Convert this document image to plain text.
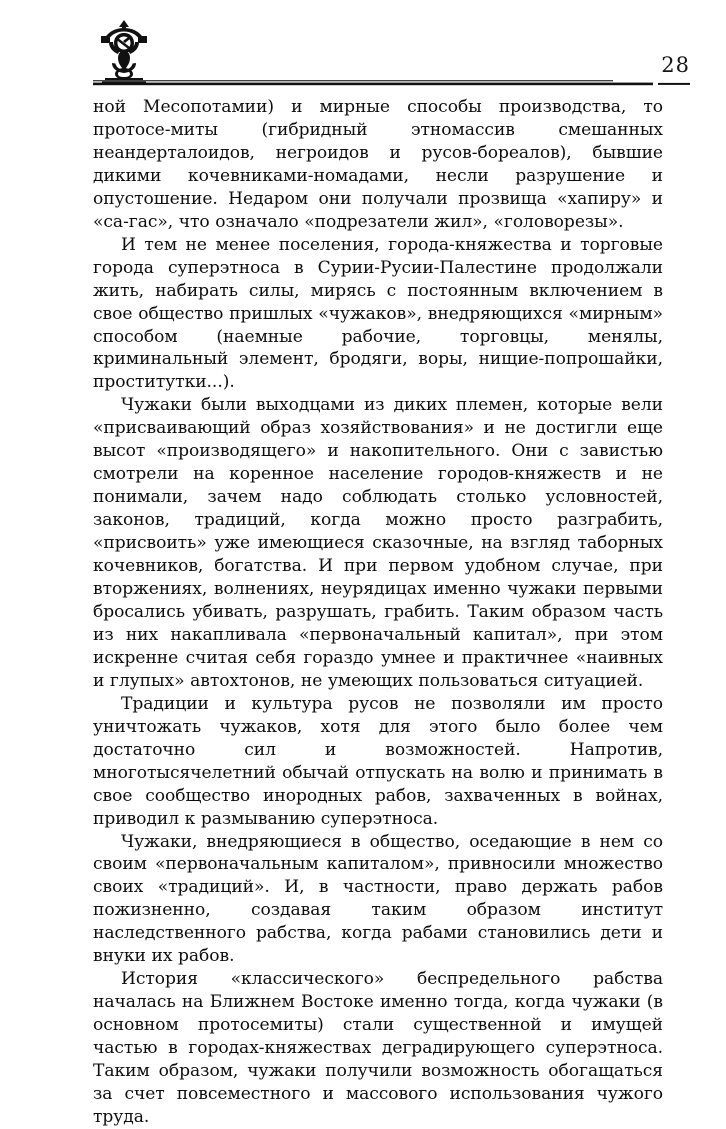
28

ной Месопотамии) и мирные способы производства, то протосе-миты (гибридный этномассив смешанных неандерталоидов, негроидов и русов-бореалов), бывшие дикими кочевниками-номадами, несли разрушение и опустошение. Недаром они получали прозвища «хапиру» и «са-гас», что означало «подрезатели жил», «головорезы».

И тем не менее поселения, города-княжества и торговые города суперэтноса в Сурии-Русии-Палестине продолжали жить, набирать силы, мирясь с постоянным включением в свое общество пришлых «чужаков», внедряющихся «мирным» способом (наемные рабочие, торговцы, менялы, криминальный элемент, бродяги, воры, нищие-попрошайки, проститутки...).

Чужаки были выходцами из диких племен, которые вели «присваивающий образ хозяйствования» и не достигли еще высот «производящего» и накопительного. Они с завистью смотрели на коренное население городов-княжеств и не понимали, зачем надо соблюдать столько условностей, законов, традиций, когда можно просто разграбить, «присвоить» уже имеющиеся сказочные, на взгляд таборных кочевников, богатства. И при первом удобном случае, при вторжениях, волнениях, неурядицах именно чужаки первыми бросались убивать, разрушать, грабить. Таким образом часть из них накапливала «первоначальный капитал», при этом искренне считая себя гораздо умнее и практичнее «наивных и глупых» автохтонов, не умеющих пользоваться ситуацией.

Традиции и культура русов не позволяли им просто уничтожать чужаков, хотя для этого было более чем достаточно сил и возможностей. Напротив, многотысячелетний обычай отпускать на волю и принимать в свое сообщество инородных рабов, захваченных в войнах, приводил к размыванию суперэтноса.

Чужаки, внедряющиеся в общество, оседающие в нем со своим «первоначальным капиталом», привносили множество своих «традиций». И, в частности, право держать рабов пожизненно, создавая таким образом институт наследственного рабства, когда рабами становились дети и внуки их рабов.

История «классического» беспредельного рабства началась на Ближнем Востоке именно тогда, когда чужаки (в основном протосемиты) стали существенной и имущей частью в городах-княжествах деградирующего суперэтноса. Таким образом, чужаки получили возможность обогащаться за счет повсеместного и массового использования чужого труда.
